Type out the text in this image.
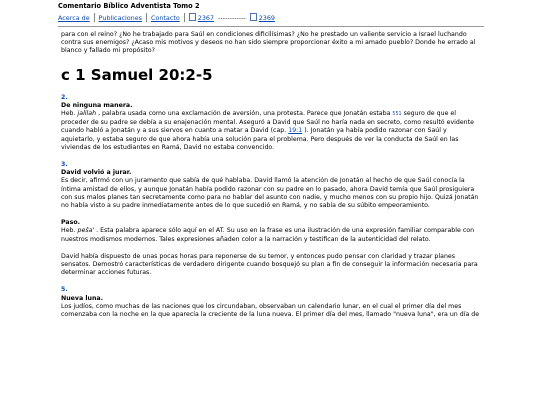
Comentario Bíblico Adventista Tomo 2
Acerca de Publicaciones Contacto	2367 ------------ 2369

para con el reino? ¿No he trabajado para Saúl en condiciones dificilísimas? ¿No he prestado un valiente servicio a Israel luchando contra sus enemigos? ¿Acaso mis motivos y deseos no han sido siempre proporcionar éxito a mi amado pueblo? Donde he errado al blanco y fallado mi propósito?

c 1 Samuel 20:2-5

2.

De ninguna manera.

Heb. jalilah , palabra usada como una exclamación de aversión, una protesta. Parece que Jonatán estaba 551 seguro de que el proceder de su padre se debía a su enajenación mental. Aseguró a David que Saúl no haría nada en secreto, como resultó evidente cuando habló a Jonatán y a sus siervos en cuanto a matar a David (cap. 19:1 ). Jonatán ya había podido razonar con Saúl y aquietarlo, y estaba seguro de que ahora había una solución para el problema. Pero después de ver la conducta de Saúl en las viviendas de los estudiantes en Ramá, David no estaba convencido.

3.

David volvió a jurar.

Es decir, afirmó con un juramento que sabía de qué hablaba. David llamó la atención de Jonatán al hecho de que Saúl conocía la íntima amistad de ellos, y aunque Jonatán había podido razonar con su padre en lo pasado, ahora David temía que Saúl prosiguiera con sus malos planes tan secretamente como para no hablar del asunto con nadie, y mucho menos con su propio hijo. Quizá Jonatán no había visto a su padre inmediatamente antes de lo que sucedió en Ramá, y no sabía de su súbito empeoramiento.

Paso.

Heb. peša' . Esta palabra aparece sólo aquí en el AT. Su uso en la frase es una ilustración de una expresión familiar comparable con nuestros modismos modernos. Tales expresiones añaden color a la narración y testifican de la autenticidad del relato.

David había dispuesto de unas pocas horas para reponerse de su temor, y entonces pudo pensar con claridad y trazar planes sensatos. Demostró características de verdadero dirigente cuando bosquejó su plan a fin de conseguir la información necesaria para determinar acciones futuras.

5.

Nueva luna.

Los judíos, como muchas de las naciones que los circundaban, observaban un calendario lunar, en el cual el primer día del mes comenzaba con la noche en la que aparecía la creciente de la luna nueva. El primer día del mes, llamado "nueva luna", era un día de
